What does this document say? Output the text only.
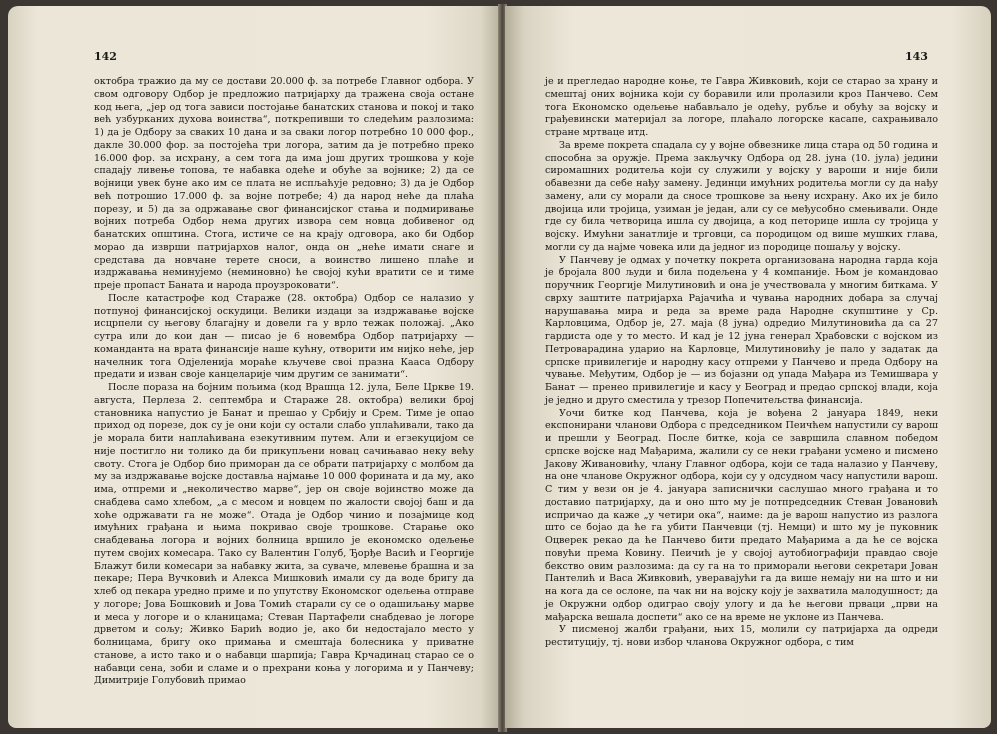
142

октобра тражио да му се достави 20.000 ф. за потребе Главног одбора. У свом одговору Одбор је предложио патријарху да тражена своја остане код њега, „јер од тога зависи постојање банатских станова и покој и тако већ узбурканих духова воинства“, поткрепивши то следећим разлозима: 1) да је Одбору за сваких 10 дана и за сваки логор потребно 10 000 фор., дакле 30.000 фор. за постојећа три логора, затим да је потребно преко 16.000 фор. за исхрану, а сем тога да има још других трошкова у које спадају ливење топова, те набавка одеће и обуће за војнике; 2) да се војници увек буне ако им се плата не испљаћује редовно; 3) да је Одбор већ потрошио 17.000 ф. за војне потребе; 4) да народ неће да плаћа порезу, и 5) да за одржавање свог финансијског стања и подмиривање војних потреба Одбор нема других извора сем новца добивеног од банатских општина. Стога, истиче се на крају одговора, ако би Одбор морао да изврши патријархов налог, онда он „неће имати снаге и средстава да новчане терете сноси, а воинство лишено плаће и издржавања неминујемо (неминовно) ће својој кући вратити се и тиме прејe пропаст Баната и народа проузроковати“.

После катастрофе код Стараже (28. октобра) Одбор се налазио у потпуној финансијској оскудици. Велики издаци за издржавање војске исцрпели су његову благајну и довели га у врло тежак положај. „Ако сутра или до кои дан — писао је 6 новембра Одбор патријарху — команданта на врата финансије наше кућну, отворити им ниjко неће, јер начелник тога Одјеленија мораће кључеве своі празна Кааса Одбору предати и изван своје канцеларије чим другим се занимати“.

После пораза на бојним пољима (код Врашца 12. јула, Беле Цркве 19. августа, Перлеза 2. септембра и Стараже 28. октобра) велики број становника напустио је Банат и прешао у Србију и Срем. Тиме је опао приход од порезе, док су је они који су остали слабо уплаћивали, тако да је морала бити наплаћивана езекутивним путем. Али и егзекуцијом се није постигло ни толико да би прикупљени новац сачињавао неку већу своту. Стога је Одбор био приморан да се обрати патријарху с молбом да му за издржавање војске доставља најмање 10 000 форината и да му, ако има, отпреми и „неколичество марве“, јер он своје војинство може да снабдева само хлебом, „а с месом и новцем по жалости својој баш и да хоће одржавати га не може“. Отада је Одбор чинио и позајмице код имућних грађана и њима покривао своје трошкове. Старање око снабдевања логора и војних болница вршило је економско одељење путем својих комесара. Тако су Валентин Голуб, Ђорђе Васић и Георгије Блажут били комесари за набавку жита, за сувачe, млевење брашна и за пекаре; Пера Вучковић и Алекса Мишковић имали су да воде бригу да хлеб од пекара уредно приме и по упутству Економског одељења отправе у логоре; Јова Бошковић и Јова Томић старали су се о одашиљању марве и меса у логоре и о кланицама; Стеван Партафели снабдевао је логоре дрветом и сољу; Живко Барић водио је, ако би недостајало место у болницама, бригу око примања и смештаја болесника у приватне станове, а исто тако и о набавци шарпија; Гавра Крчадинац старао се о набавци сена, зоби и сламе и о прехрани коња у логорима и у Панчеву; Димитрије Голубовић примао

143

је и прегледао народне коње, те Гавра Живковић, који се старао за храну и смештај оних војника који су боравили или пролазили кроз Панчево. Сем тога Економско одељење набављало је одећу, рубље и обућу за војску и грађевински материјал за логоре, плаћало логорске касапе, сахрањивало стране мртваце итд.

За време покрета спадала су у војне обвезнике лица стара од 50 година и способна за оружје. Према закључку Одбора од 28. јуна (10. јула) једини сиромашних родитеља који су служили у војску у вароши и није били обавезни да себе нађу замену. Јединци имућних родитеља могли су да нађу замену, али су морали да сносе трошкове за њену исхрану. Ако их је било двојица или тројица, узиман је један, али су се међусобно смењивали. Онде где су била четворица ишла су двојица, а код петорице ишла су тројица у војску. Имућни занатлије и трговци, са породицом од више мушких глава, могли су да најме човека или да једног из породице пошаљу у војску.

У Панчеву је одмах у почетку покрета организована народна гарда која је бројала 800 људи и била подељена у 4 компаније. Њом је командовао поручник Георгије Милутиновић и она је учествовала у многим биткама. У сврху заштите патријарха Рајачића и чувања народних добара за случај нарушавања мира и реда за време рада Народне скупштине у Ср. Карловцима, Одбор је, 27. маја (8 јуна) одредио Милутиновића да са 27 гардиста оде у то место. И кад је 12 јуна генерал Храбовски с војском из Петроварадина ударио на Карловце, Милутиновићу је пало у задатак да српске привилегије и народну касу отпреми у Панчево и преда Одбору на чување. Међутим, Одбор је — из бојазни од упада Мађара из Темишвара у Банат — пренео привилегије и касу у Београд и предао српској влади, која је једно и друго сместила у трезор Попечитељства финансија.

Уочи битке код Панчева, која је вођена 2 јануара 1849, неки експонирани чланови Одбора с председником Пеичћем напустили су варош и прешли у Београд. После битке, која се завршила славном победом српске војске над Мађарима, жалили су се неки грађани усмено и писмено Јакову Живановићу, члану Главног одбора, који се тада налазио у Панчеву, на оне чланове Окружног одбора, који су у одсудном часу напустили варош. С тим у вези он је 4. јануара записнички саслушао много грађана и то доставио патријарху, да и оно што му је потпредседник Стеван Јовановић испричао да каже „у четири ока“, наиме: да је варош напустио из разлога што се бојао да ће га убити Панчевци (тј. Немци) и што му је пуковник Оцверек рекао да ће Панчево бити предато Мађарима а да ће се војска повући према Ковину. Пеичић је у својој аутобиографији правдао своје бекство овим разлозима: да су га на то приморали његови секретари Јован Пантелић и Васа Живковић, уверавајући га да више немају ни на што и ни на кога да се ослоне, па чак ни на војску коју је захватила малодушност; да је Окружни одбор одиграо своју улогу и да ће његови првaци „први на мађарска вешала доспети“ ако се на време не уклоне из Панчева.

У писменој жалби грађани, њих 15, молили су патријарха да одреди реституцију, тј. нови избор чланова Окружног одбора, с тим
